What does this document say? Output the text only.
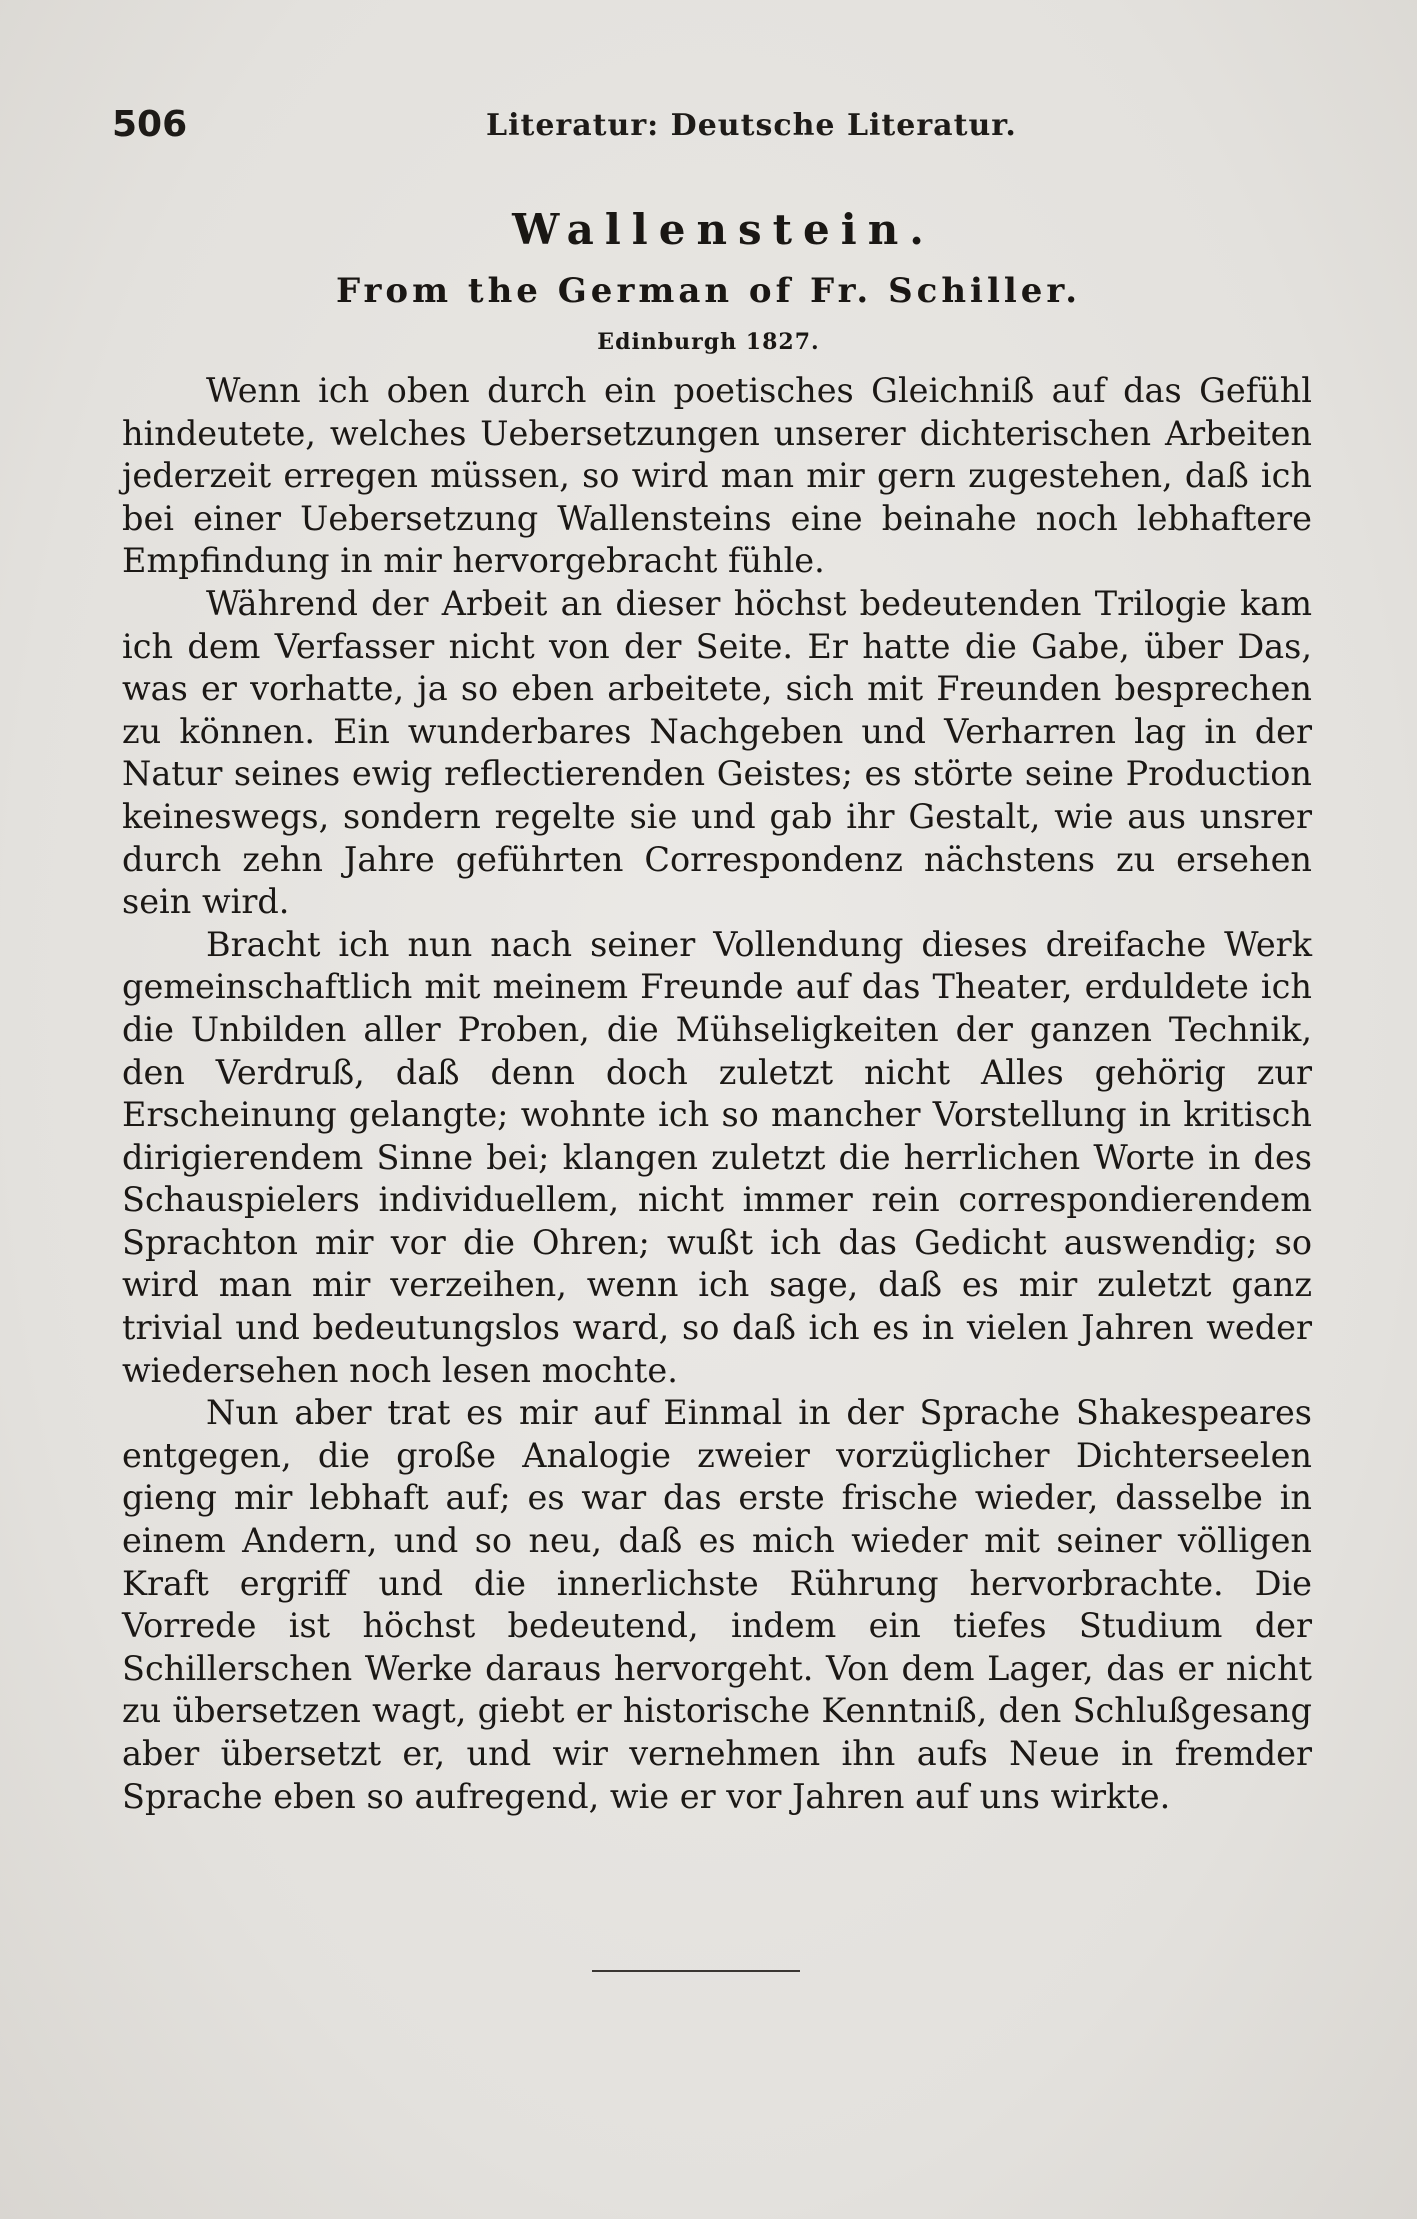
506	Literatur: Deutsche Literatur.
Wallenstein.
From the German of Fr. Schiller.
Edinburgh 1827.

Wenn ich oben durch ein poetisches Gleichniß auf das Gefühl hindeutete, welches Uebersetzungen unserer dichterischen Arbeiten jederzeit erregen müssen, so wird man mir gern zugestehen, daß ich bei einer Uebersetzung Wallensteins eine beinahe noch lebhaftere Empfindung in mir hervorgebracht fühle.

Während der Arbeit an dieser höchst bedeutenden Trilogie kam ich dem Verfasser nicht von der Seite. Er hatte die Gabe, über Das, was er vorhatte, ja so eben arbeitete, sich mit Freunden besprechen zu können. Ein wunderbares Nachgeben und Verharren lag in der Natur seines ewig reflectierenden Geistes; es störte seine Production keineswegs, sondern regelte sie und gab ihr Gestalt, wie aus unsrer durch zehn Jahre geführten Correspondenz nächstens zu ersehen sein wird.

Bracht ich nun nach seiner Vollendung dieses dreifache Werk gemeinschaftlich mit meinem Freunde auf das Theater, erduldete ich die Unbilden aller Proben, die Mühseligkeiten der ganzen Technik, den Verdruß, daß denn doch zuletzt nicht Alles gehörig zur Erscheinung gelangte; wohnte ich so mancher Vorstellung in kritisch dirigierendem Sinne bei; klangen zuletzt die herrlichen Worte in des Schauspielers individuellem, nicht immer rein correspondierendem Sprachton mir vor die Ohren; wußt ich das Gedicht auswendig; so wird man mir verzeihen, wenn ich sage, daß es mir zuletzt ganz trivial und bedeutungslos ward, so daß ich es in vielen Jahren weder wiedersehen noch lesen mochte.

Nun aber trat es mir auf Einmal in der Sprache Shakespeares entgegen, die große Analogie zweier vorzüglicher Dichterseelen gieng mir lebhaft auf; es war das erste frische wieder, dasselbe in einem Andern, und so neu, daß es mich wieder mit seiner völligen Kraft ergriff und die innerlichste Rührung hervorbrachte. Die Vorrede ist höchst bedeutend, indem ein tiefes Studium der Schillerschen Werke daraus hervorgeht. Von dem Lager, das er nicht zu übersetzen wagt, giebt er historische Kenntniß, den Schlußgesang aber übersetzt er, und wir vernehmen ihn aufs Neue in fremder Sprache eben so aufregend, wie er vor Jahren auf uns wirkte.
